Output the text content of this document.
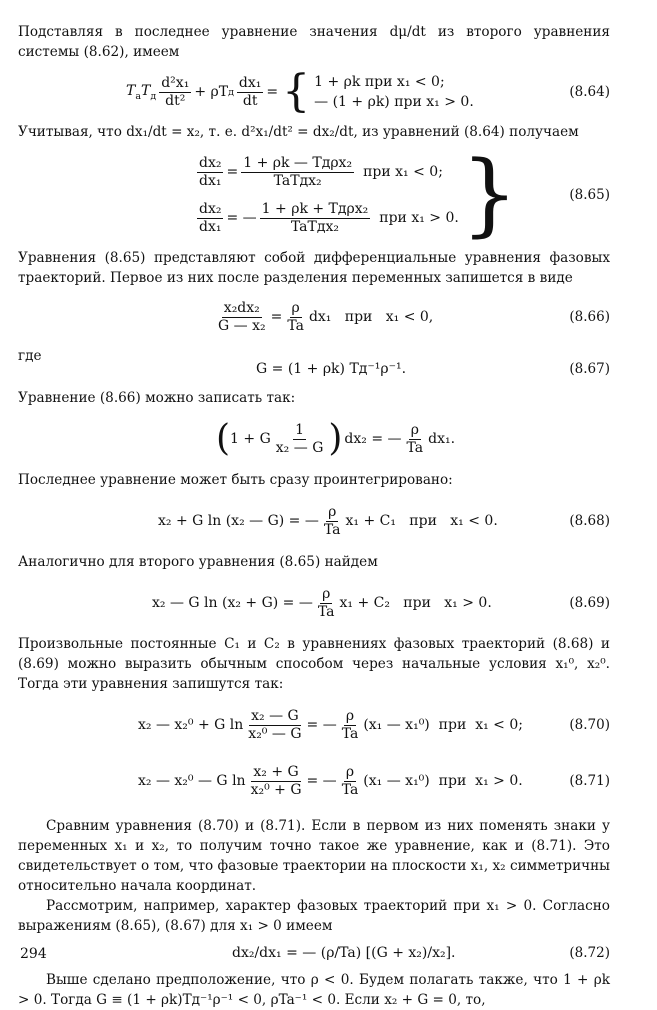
Подставляя в последнее уравнение значения dμ/dt из второго уравнения системы (8.62), имеем

$T_aT_д$
d²x₁
dt²
+ ρT д $\frac{\text{dx₁}}{dt}$ = { 1 + ρk при x₁ < 0;
— (1 + ρk) при x₁ > 0.
(8.64)

Учитывая, что dx₁/dt = x₂, т. е. d²x₁/dt² = dx₂/dt, из уравнений (8.64) получаем

$\frac{\text{dx₂}}{\text{dx₁}}$ =
1 + ρk — Tдρx₂
TaTдx₂
при x₁ < 0;
$\frac{\text{dx₂}}{\text{dx₁}}$ = —
1 + ρk + Tдρx₂
TaTдx₂
при x₁ > 0. }	(8.65)

Уравнения (8.65) представляют собой дифференциальные уравнения фазовых траекторий. Первое из них после разделения переменных запишется в виде

$\frac{\text{x₂dx₂}}{\text{G — x₂}} = \frac{\rho}{Ta} dx_1$   при   x₁ < 0,	(8.66)

где

G = (1 + ρk) Tд⁻¹ρ⁻¹.	(8.67)

Уравнение (8.66) можно записать так:

( 1 + G
1
x₂ — G ) dx₂ = —
ρ
Ta
dx₁.

Последнее уравнение может быть сразу проинтегрировано:

x₂ + G ln (x₂ — G) = —
ρ
Ta
x₁ + C₁   при   x₁ < 0.	(8.68)

Аналогично для второго уравнения (8.65) найдем

x₂ — G ln (x₂ + G) = —
ρ
Ta
x₁ + C₂   при   x₁ > 0.	(8.69)

Произвольные постоянные C₁ и C₂ в уравнениях фазовых траекторий (8.68) и (8.69) можно выразить обычным способом через начальные условия x₁⁰, x₂⁰. Тогда эти уравнения запишутся так:

x₂ — x₂⁰ + G $\ln \frac{\text{x₂ — G}}{\text{x₂⁰ — G}}$ = —
ρ
Ta
(x₁ — x₁⁰)  при  x₁ < 0;	(8.70)
x₂ — x₂⁰ — G $\ln \frac{\text{x₂ + G}}{\text{x₂⁰ + G}}$ = —
ρ
Ta
(x₁ — x₁⁰)  при  x₁ > 0.	(8.71)

Сравним уравнения (8.70) и (8.71). Если в первом из них поменять знаки у переменных x₁ и x₂, то получим точно такое же уравнение, как и (8.71). Это свидетельствует о том, что фазовые траектории на плоскости x₁, x₂ симметричны относительно начала координат.

Рассмотрим, например, характер фазовых траекторий при x₁ > 0. Согласно выражениям (8.65), (8.67) для x₁ > 0 имеем

dx₂/dx₁ = — (ρ/Ta) [(G + x₂)/x₂].	(8.72)

Выше сделано предположение, что ρ < 0. Будем полагать также, что 1 + ρk > 0. Тогда G ≡ (1 + ρk)Tд⁻¹ρ⁻¹ < 0, ρTa⁻¹ < 0. Если x₂ + G = 0, то,

294
